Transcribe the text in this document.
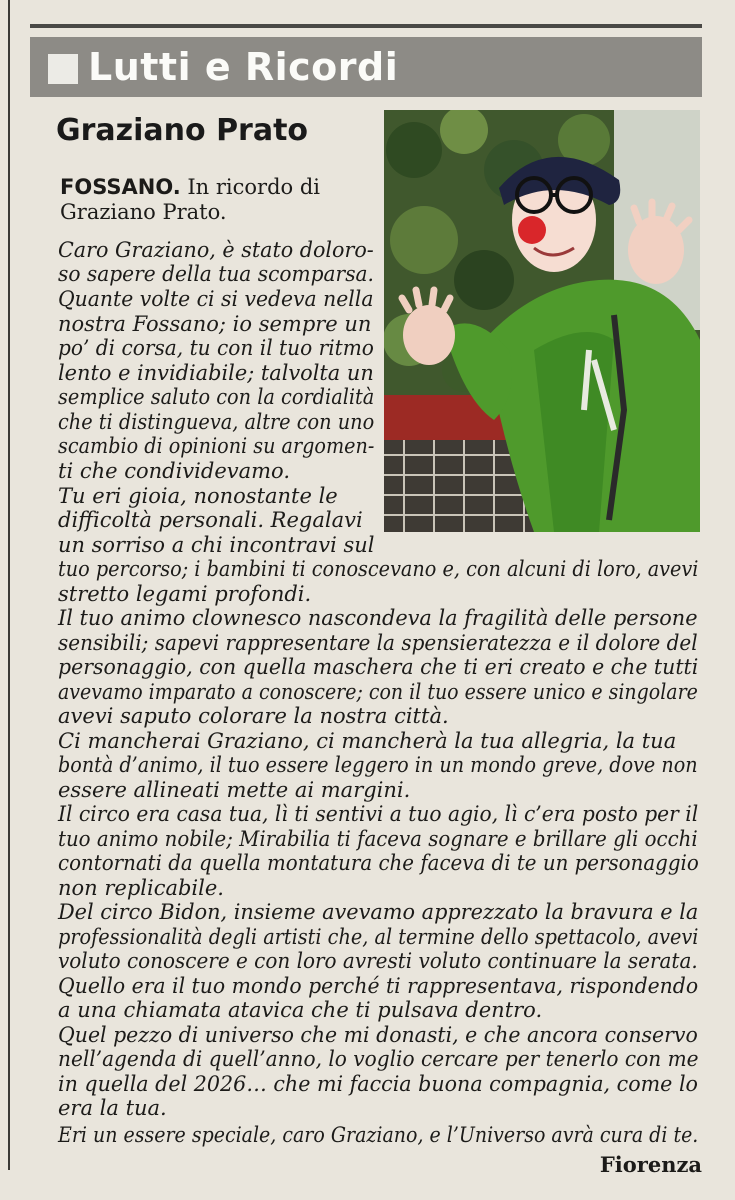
Lutti e Ricordi
Graziano Prato
FOSSANO. In ricordo di
Graziano Prato.
Caro Graziano, è stato doloro-
so sapere della tua scomparsa.
Quante volte ci si vedeva nella
nostra Fossano; io sempre un
po’ di corsa, tu con il tuo ritmo
lento e invidiabile; talvolta un
semplice saluto con la cordialità
che ti distingueva, altre con uno
scambio di opinioni su argomen-
ti che condividevamo.
Tu eri gioia, nonostante le
difficoltà personali. Regalavi
un sorriso a chi incontravi sul
tuo percorso; i bambini ti conoscevano e, con alcuni di loro, avevi
stretto legami profondi.
Il tuo animo clownesco nascondeva la fragilità delle persone
sensibili; sapevi rappresentare la spensieratezza e il dolore del
personaggio, con quella maschera che ti eri creato e che tutti
avevamo imparato a conoscere; con il tuo essere unico e singolare
avevi saputo colorare la nostra città.
Ci mancherai Graziano, ci mancherà la tua allegria, la tua
bontà d’animo, il tuo essere leggero in un mondo greve, dove non
essere allineati mette ai margini.
Il circo era casa tua, lì ti sentivi a tuo agio, lì c’era posto per il
tuo animo nobile; Mirabilia ti faceva sognare e brillare gli occhi
contornati da quella montatura che faceva di te un personaggio
non replicabile.
Del circo Bidon, insieme avevamo apprezzato la bravura e la
professionalità degli artisti che, al termine dello spettacolo, avevi
voluto conoscere e con loro avresti voluto continuare la serata.
Quello era il tuo mondo perché ti rappresentava, rispondendo
a una chiamata atavica che ti pulsava dentro.
Quel pezzo di universo che mi donasti, e che ancora conservo
nell’agenda di quell’anno, lo voglio cercare per tenerlo con me
in quella del 2026… che mi faccia buona compagnia, come lo
era la tua.
Eri un essere speciale, caro Graziano, e l’Universo avrà cura di te.
Fiorenza
